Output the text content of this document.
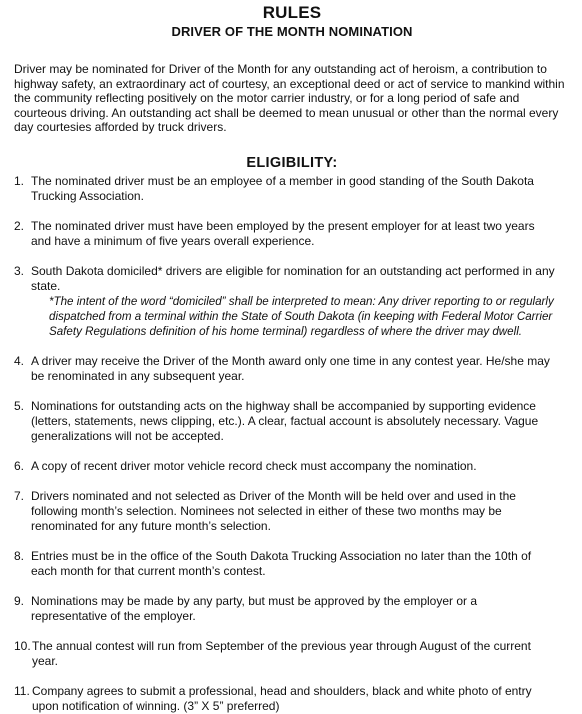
RULES
DRIVER OF THE MONTH NOMINATION

Driver may be nominated for Driver of the Month for any outstanding act of heroism, a contribution to highway safety, an extraordinary act of courtesy, an exceptional deed or act of service to mankind within the community reflecting positively on the motor carrier industry, or for a long period of safe and courteous driving. An outstanding act shall be deemed to mean unusual or other than the normal every day courtesies afforded by truck drivers.

ELIGIBILITY:
1. The nominated driver must be an employee of a member in good standing of the South Dakota Trucking Association.
2. The nominated driver must have been employed by the present employer for at least two years and have a minimum of five years overall experience.
3. South Dakota domiciled* drivers are eligible for nomination for an outstanding act performed in any state.
*The intent of the word “domiciled” shall be interpreted to mean: Any driver reporting to or regularly dispatched from a terminal within the State of South Dakota (in keeping with Federal Motor Carrier Safety Regulations definition of his home terminal) regardless of where the driver may dwell.
4. A driver may receive the Driver of the Month award only one time in any contest year. He/she may be renominated in any subsequent year.
5. Nominations for outstanding acts on the highway shall be accompanied by supporting evidence (letters, statements, news clipping, etc.). A clear, factual account is absolutely necessary. Vague generalizations will not be accepted.
6. A copy of recent driver motor vehicle record check must accompany the nomination.
7. Drivers nominated and not selected as Driver of the Month will be held over and used in the following month’s selection. Nominees not selected in either of these two months may be renominated for any future month’s selection.
8. Entries must be in the office of the South Dakota Trucking Association no later than the 10th of each month for that current month’s contest.
9. Nominations may be made by any party, but must be approved by the employer or a representative of the employer.
10. The annual contest will run from September of the previous year through August of the current year.
11. Company agrees to submit a professional, head and shoulders, black and white photo of entry upon notification of winning. (3” X 5” preferred)
